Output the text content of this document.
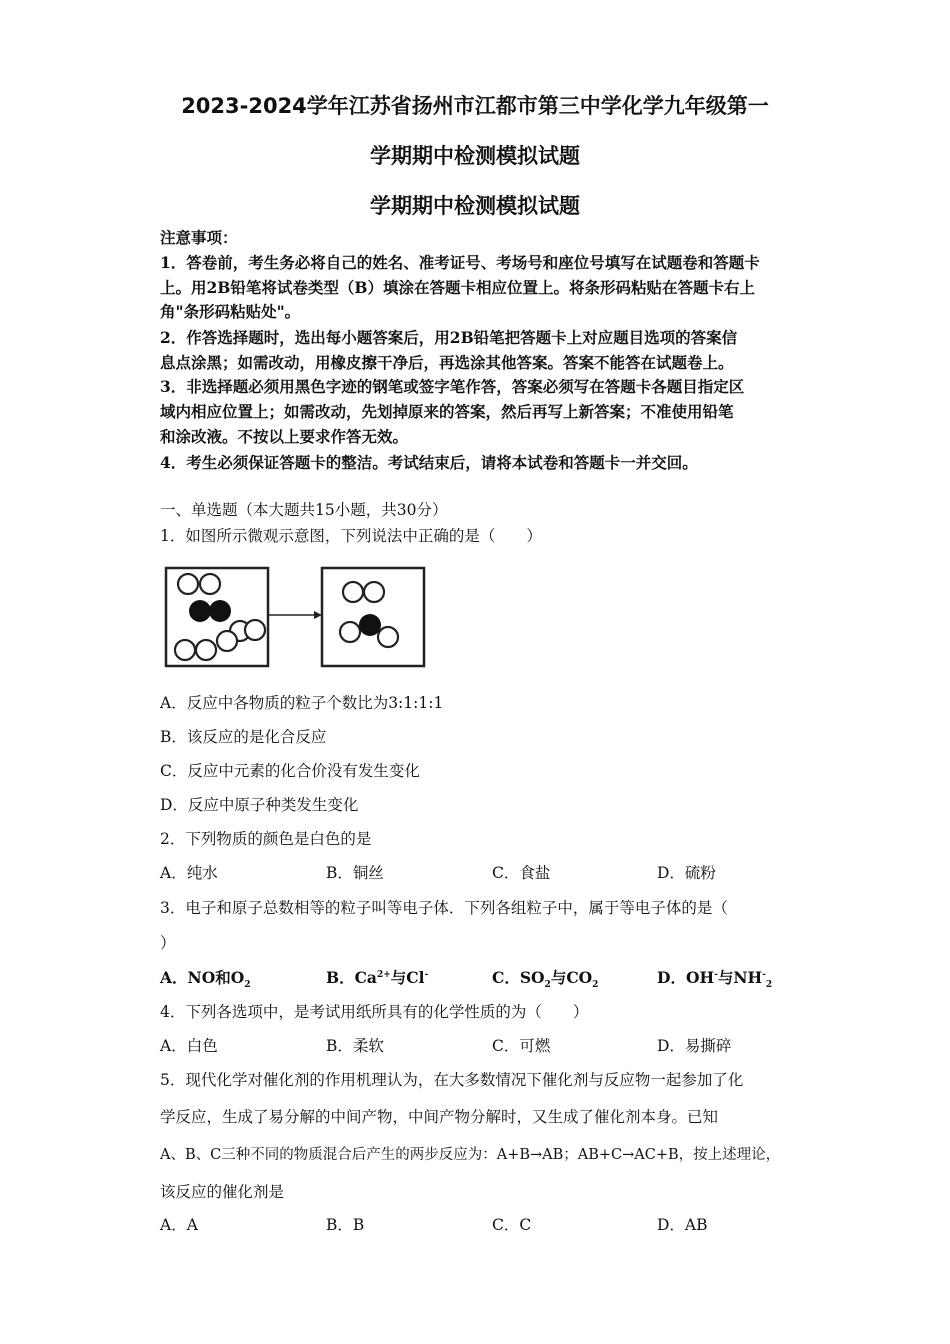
2023-2024学年江苏省扬州市江都市第三中学化学九年级第一
学期期中检测模拟试题
学期期中检测模拟试题
注意事项：
1．答卷前，考生务必将自己的姓名、准考证号、考场号和座位号填写在试题卷和答题卡
上。用2B铅笔将试卷类型（B）填涂在答题卡相应位置上。将条形码粘贴在答题卡右上
角"条形码粘贴处"。
2．作答选择题时，选出每小题答案后，用2B铅笔把答题卡上对应题目选项的答案信
息点涂黑；如需改动，用橡皮擦干净后，再选涂其他答案。答案不能答在试题卷上。
3．非选择题必须用黑色字迹的钢笔或签字笔作答，答案必须写在答题卡各题目指定区
域内相应位置上；如需改动，先划掉原来的答案，然后再写上新答案；不准使用铅笔
和涂改液。不按以上要求作答无效。
4．考生必须保证答题卡的整洁。考试结束后，请将本试卷和答题卡一并交回。
一、单选题（本大题共15小题，共30分）
1．如图所示微观示意图，下列说法中正确的是（　　）
A．反应中各物质的粒子个数比为3:1:1:1
B．该反应的是化合反应
C．反应中元素的化合价没有发生变化
D．反应中原子种类发生变化
2．下列物质的颜色是白色的是
A．纯水	B．铜丝	C．食盐	D．硫粉
3．电子和原子总数相等的粒子叫等电子体．下列各组粒子中，属于等电子体的是（
）
A．NO和$O_2$	B．$Ca^{2+}$与Cl-	C．$SO_2$与$CO_2$	D．OH-与$NH^-_2$
4．下列各选项中，是考试用纸所具有的化学性质的为（　　）
A．白色	B．柔软	C．可燃	D．易撕碎
5．现代化学对催化剂的作用机理认为，在大多数情况下催化剂与反应物一起参加了化
学反应，生成了易分解的中间产物，中间产物分解时，又生成了催化剂本身。已知
A、B、C三种不同的物质混合后产生的两步反应为：A+B→AB；AB+C→AC+B，按上述理论，
该反应的催化剂是
A．A	B．B	C．C	D．AB
